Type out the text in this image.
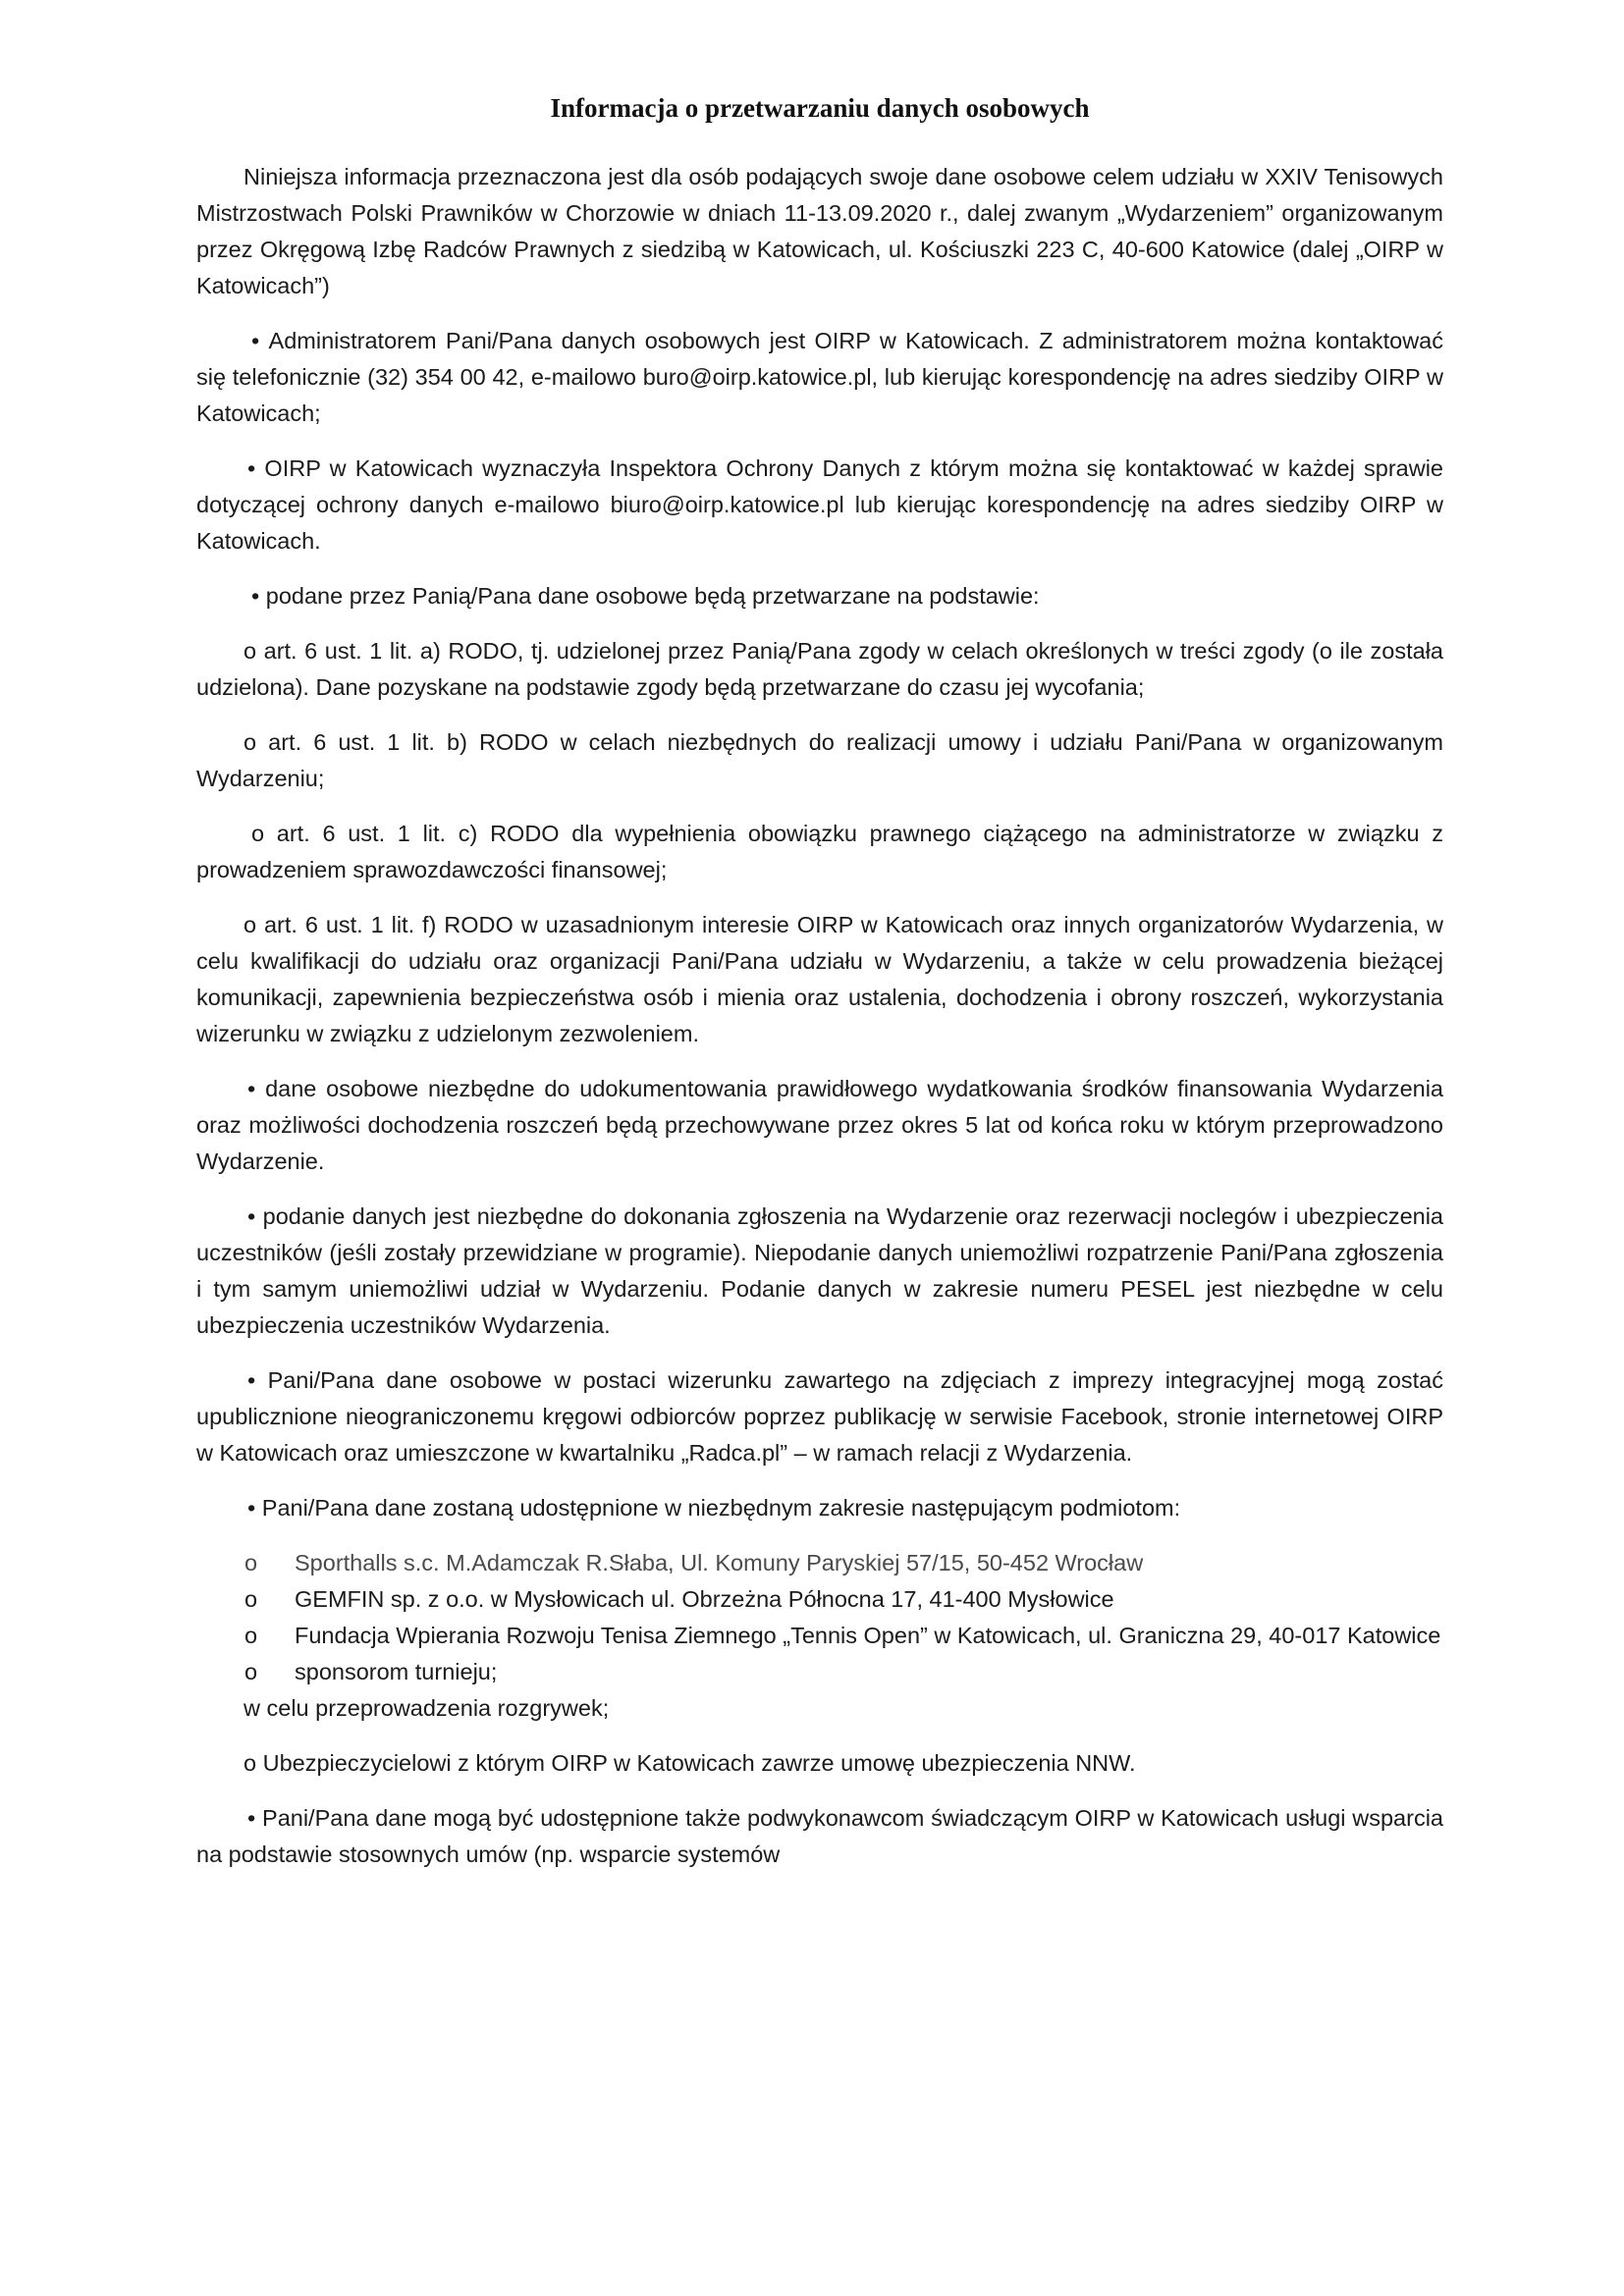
Informacja o przetwarzaniu danych osobowych

Niniejsza informacja przeznaczona jest dla osób podających swoje dane osobowe celem udziału w XXIV Tenisowych Mistrzostwach Polski Prawników w Chorzowie w dniach 11-13.09.2020 r., dalej zwanym „Wydarzeniem” organizowanym przez Okręgową Izbę Radców Prawnych z siedzibą w Katowicach, ul. Kościuszki 223 C, 40-600 Katowice (dalej „OIRP w Katowicach”)

• Administratorem Pani/Pana danych osobowych jest OIRP w Katowicach. Z administratorem można kontaktować się telefonicznie (32) 354 00 42, e-mailowo buro@oirp.katowice.pl, lub kierując korespondencję na adres siedziby OIRP w Katowicach;

• OIRP w Katowicach wyznaczyła Inspektora Ochrony Danych z którym można się kontaktować w każdej sprawie dotyczącej ochrony danych e-mailowo biuro@oirp.katowice.pl lub kierując korespondencję na adres siedziby OIRP w Katowicach.

• podane przez Panią/Pana dane osobowe będą przetwarzane na podstawie:

o art. 6 ust. 1 lit. a) RODO, tj. udzielonej przez Panią/Pana zgody w celach określonych w treści zgody (o ile została udzielona). Dane pozyskane na podstawie zgody będą przetwarzane do czasu jej wycofania;

o art. 6 ust. 1 lit. b) RODO w celach niezbędnych do realizacji umowy i udziału Pani/Pana w organizowanym Wydarzeniu;

o art. 6 ust. 1 lit. c) RODO dla wypełnienia obowiązku prawnego ciążącego na administratorze w związku z prowadzeniem sprawozdawczości finansowej;

o art. 6 ust. 1 lit. f) RODO w uzasadnionym interesie OIRP w Katowicach oraz innych organizatorów Wydarzenia, w celu kwalifikacji do udziału oraz organizacji Pani/Pana udziału w Wydarzeniu, a także w celu prowadzenia bieżącej komunikacji, zapewnienia bezpieczeństwa osób i mienia oraz ustalenia, dochodzenia i obrony roszczeń, wykorzystania wizerunku w związku z udzielonym zezwoleniem.

• dane osobowe niezbędne do udokumentowania prawidłowego wydatkowania środków finansowania Wydarzenia oraz możliwości dochodzenia roszczeń będą przechowywane przez okres 5 lat od końca roku w którym przeprowadzono Wydarzenie.

• podanie danych jest niezbędne do dokonania zgłoszenia na Wydarzenie oraz rezerwacji noclegów i ubezpieczenia uczestników (jeśli zostały przewidziane w programie). Niepodanie danych uniemożliwi rozpatrzenie Pani/Pana zgłoszenia i tym samym uniemożliwi udział w Wydarzeniu. Podanie danych w zakresie numeru PESEL jest niezbędne w celu ubezpieczenia uczestników Wydarzenia.

• Pani/Pana dane osobowe w postaci wizerunku zawartego na zdjęciach z imprezy integracyjnej mogą zostać upublicznione nieograniczonemu kręgowi odbiorców poprzez publikację w serwisie Facebook, stronie internetowej OIRP w Katowicach oraz umieszczone w kwartalniku „Radca.pl” – w ramach relacji z Wydarzenia.

• Pani/Pana dane zostaną udostępnione w niezbędnym zakresie następującym podmiotom:

o Sporthalls s.c. M.Adamczak R.Słaba, Ul. Komuny Paryskiej 57/15, 50-452 Wrocław
o GEMFIN sp. z o.o. w Mysłowicach ul. Obrzeżna Północna 17, 41-400 Mysłowice
o Fundacja Wpierania Rozwoju Tenisa Ziemnego „Tennis Open” w Katowicach, ul. Graniczna 29, 40-017 Katowice
o sponsorom turnieju;

w celu przeprowadzenia rozgrywek;

o Ubezpieczycielowi z którym OIRP w Katowicach zawrze umowę ubezpieczenia NNW.

• Pani/Pana dane mogą być udostępnione także podwykonawcom świadczącym OIRP w Katowicach usługi wsparcia na podstawie stosownych umów (np. wsparcie systemów
